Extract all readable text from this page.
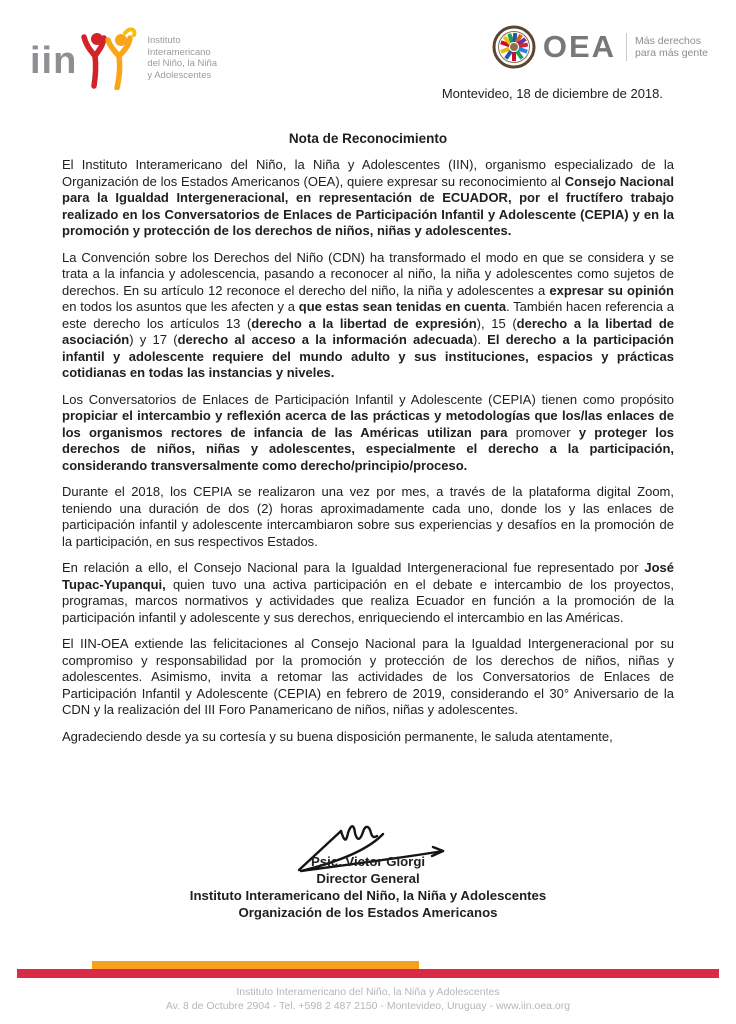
iin	Instituto
Interamericano
del Niño, la Niña
y Adolescentes
OEA Más derechos
para más gente
Montevideo, 18 de diciembre de 2018.
Nota de Reconocimiento

El Instituto Interamericano del Niño, la Niña y Adolescentes (IIN), organismo especializado de la Organización de los Estados Americanos (OEA), quiere expresar su reconocimiento al Consejo Nacional para la Igualdad Intergeneracional, en representación de ECUADOR, por el fructífero trabajo realizado en los Conversatorios de Enlaces de Participación Infantil y Adolescente (CEPIA) y en la promoción y protección de los derechos de niños, niñas y adolescentes.

La Convención sobre los Derechos del Niño (CDN) ha transformado el modo en que se considera y se trata a la infancia y adolescencia, pasando a reconocer al niño, la niña y adolescentes como sujetos de derechos. En su artículo 12 reconoce el derecho del niño, la niña y adolescentes a expresar su opinión en todos los asuntos que les afecten y a que estas sean tenidas en cuenta. También hacen referencia a este derecho los artículos 13 (derecho a la libertad de expresión), 15 (derecho a la libertad de asociación) y 17 (derecho al acceso a la información adecuada). El derecho a la participación infantil y adolescente requiere del mundo adulto y sus instituciones, espacios y prácticas cotidianas en todas las instancias y niveles.

Los Conversatorios de Enlaces de Participación Infantil y Adolescente (CEPIA) tienen como propósito propiciar el intercambio y reflexión acerca de las prácticas y metodologías que los/las enlaces de los organismos rectores de infancia de las Américas utilizan para promover y proteger los derechos de niños, niñas y adolescentes, especialmente el derecho a la participación, considerando transversalmente como derecho/principio/proceso.

Durante el 2018, los CEPIA se realizaron una vez por mes, a través de la plataforma digital Zoom, teniendo una duración de dos (2) horas aproximadamente cada uno, donde los y las enlaces de participación infantil y adolescente intercambiaron sobre sus experiencias y desafíos en la promoción de la participación, en sus respectivos Estados.

En relación a ello, el Consejo Nacional para la Igualdad Intergeneracional fue representado por José Tupac-Yupanqui, quien tuvo una activa participación en el debate e intercambio de los proyectos, programas, marcos normativos y actividades que realiza Ecuador en función a la promoción de la participación infantil y adolescente y sus derechos, enriqueciendo el intercambio en las Américas.

El IIN-OEA extiende las felicitaciones al Consejo Nacional para la Igualdad Intergeneracional por su compromiso y responsabilidad por la promoción y protección de los derechos de niños, niñas y adolescentes. Asimismo, invita a retomar las actividades de los Conversatorios de Enlaces de Participación Infantil y Adolescente (CEPIA) en febrero de 2019, considerando el 30° Aniversario de la CDN y la realización del III Foro Panamericano de niños, niñas y adolescentes.

Agradeciendo desde ya su cortesía y su buena disposición permanente, le saluda atentamente,

Psic. Victor Giorgi
Director General
Instituto Interamericano del Niño, la Niña y Adolescentes
Organización de los Estados Americanos
Instituto Interamericano del Niño, la Niña y Adolescentes
Av. 8 de Octubre 2904 - Tel. +598 2 487 2150 - Montevideo, Uruguay - www.iin.oea.org
